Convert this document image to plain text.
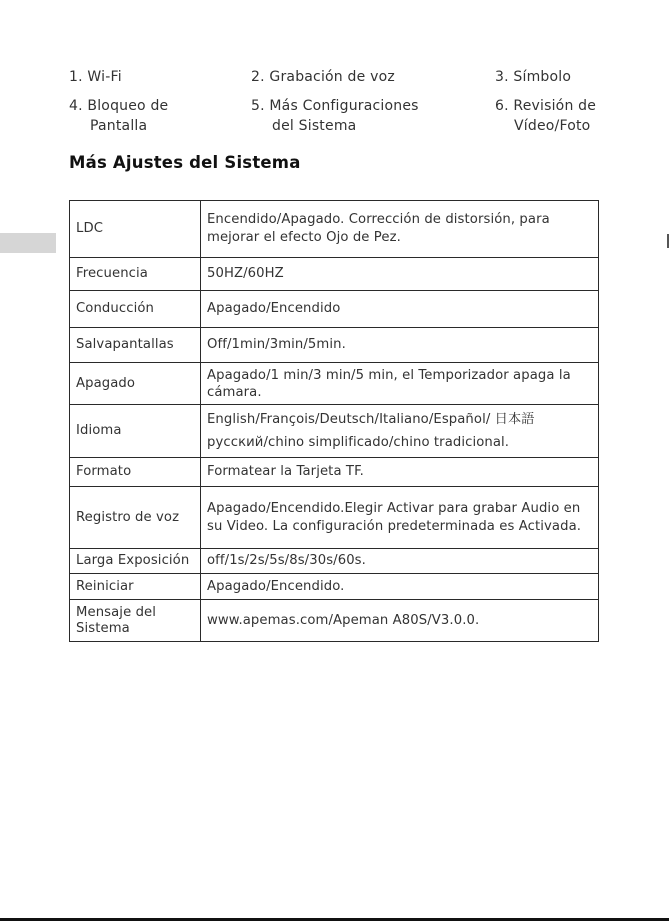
1. Wi-Fi	2. Grabación de voz	3. Símbolo
4. Bloqueo de
Pantalla
5. Más Configuraciones
del Sistema
6. Revisión de
Vídeo/Foto
Más Ajustes del Sistema
LDC	Encendido/Apagado. Corrección de distorsión, para mejorar el efecto Ojo de Pez.
Frecuencia	50HZ/60HZ
Conducción	Apagado/Encendido
Salvapantallas	Off/1min/3min/5min.
Apagado	Apagado/1 min/3 min/5 min, el Temporizador apaga la cámara.
Idioma	English/François/Deutsch/Italiano/Español/ 日本語 русский/chino simplificado/chino tradicional.
Formato	Formatear la Tarjeta TF.
Registro de voz	Apagado/Encendido.Elegir Activar para grabar Audio en su Video. La configuración predeterminada es Activada.
Larga Exposición	off/1s/2s/5s/8s/30s/60s.
Reiniciar	Apagado/Encendido.
Mensaje del Sistema	www.apemas.com/Apeman A80S/V3.0.0.
